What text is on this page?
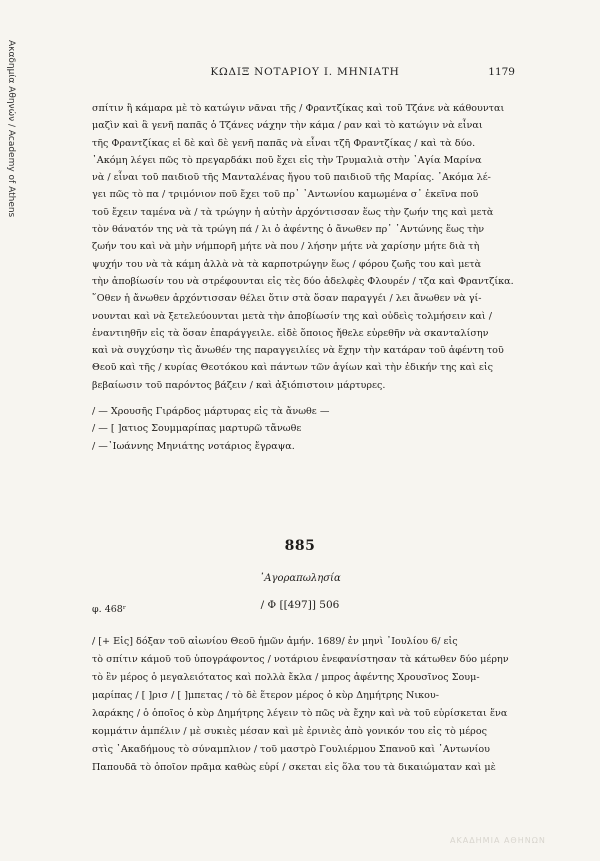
Ακαδημία Αθηνών / Academy of Athens	ΚΩΔΙΞ ΝΟΤΑΡΙΟΥ Ι. ΜΗΝΙΑΤΗ	1179
σπίτιν ἢ κάμαρα μὲ τὸ κατώγιν νᾶναι τῆς / Φραντζίκας καὶ τοῦ Τζάνε νὰ κάθουνται
μαζὶν καὶ ἃ γενῆ παπᾶς ὁ Τζάνες νάχην τὴν κάμα / ραν καὶ τὸ κατώγιν νὰ εἶναι
τῆς Φραντζίκας εἰ δὲ καὶ δὲ γενῆ παπᾶς νὰ εἶναι τζῆ Φραντζίκας / καὶ τὰ δύο.
᾽Ακόμη λέγει πῶς τὸ πρεγαρδάκι ποῦ ἔχει εἰς τὴν Τρυμαλιὰ στὴν ᾽Αγία Μαρίνα
νὰ / εἶναι τοῦ παιδιοῦ τῆς Μανταλένας ἤγου τοῦ παιδιοῦ τῆς Μαρίας. ᾽Ακόμα λέ-
γει πῶς τὸ πα / τριμόνιον ποῦ ἔχει τοῦ πρ᾽ ᾽Αντωνίου καμωμένα σ᾽ ἐκεῖνα ποῦ
τοῦ ἔχειν ταμένα νὰ / τὰ τρώγην ἡ αὐτὴν ἀρχόντισσαν ἕως τὴν ζωήν της καὶ μετὰ
τὸν θάνατόν της νὰ τὰ τρώγη πά / λι ὁ ἀφέντης ὁ ἄνωθεν πρ᾽ ᾽Αντώνης ἕως τὴν
ζωήν του καὶ νὰ μὴν νήμπορῆ μήτε νὰ που / λήσην μήτε νὰ χαρίσην μήτε διὰ τὴ
ψυχήν του νὰ τὰ κάμη ἀλλὰ νὰ τὰ καρποτρώγην ἕως / φόρου ζωῆς του καὶ μετὰ
τὴν ἀποβίωσίν του νὰ στρέφουνται εἰς τὲς δύο ἀδελφὲς Φλουρέν / τζα καὶ Φραντζίκα.
῞Οθεν ἡ ἄνωθεν ἀρχόντισσαν θέλει ὅτιν στὰ ὅσαν παραγγέι / λει ἄνωθεν νὰ γί-
νουνται καὶ νὰ ξετελεύουνται μετὰ τὴν ἀποβίωσίν της καὶ οὐδεὶς τολμήσειν καὶ /
ἐναντιηθῆν εἰς τὰ ὅσαν ἐπαράγγειλε. εἰδὲ ὅποιος ἤθελε εὑρεθῆν νὰ σκανταλίσην
καὶ νὰ συγχύσην τὶς ἄνωθέν της παραγγειλίες νὰ ἔχην τὴν κατάραν τοῦ ἀφέντη τοῦ
Θεοῦ καὶ τῆς / κυρίας Θεοτόκου καὶ πάντων τῶν ἁγίων καὶ τὴν ἐδικήν της καὶ εἰς
βεβαίωσιν τοῦ παρόντος βάζειν / καὶ ἀξιόπιστοιν μάρτυρες.
/ — Χρουσῆς Γιράρδος μάρτυρας εἰς τὰ ἄνωθε —
/ — [ ]ατιος Σουμμαρίπας μαρτυρῶ τἄνωθε
/ —᾽Ιωάννης Μηνιάτης νοτάριος ἔγραψα.
885
᾽Αγοραπωλησία
φ. 468ʳ	/ Φ [[497]] 506
/ [+ Εἰς] δόξαν τοῦ αἰωνίου Θεοῦ ἡμῶν ἀμήν. 1689/ ἐν μηνὶ ᾽Ιουλίου 6/ εἰς
τὸ σπίτιν κάμοῦ τοῦ ὑπογράφοντος / νοτάριου ἐνεφανίστησαν τὰ κάτωθεν δύο μέρην
τὸ ἓν μέρος ὁ μεγαλειότατος καὶ πολλὰ ἔκλα / μπρος ἀφέντης Χρουσῖνος Σουμ-
μαρίπας / [ ]ρισ / [ ]μπετας / τὸ δὲ ἕτερον μέρος ὁ κὺρ Δημήτρης Νικου-
λαράκης / ὁ ὁποῖος ὁ κὺρ Δημήτρης λέγειν τὸ πῶς νὰ ἔχην καὶ νὰ τοῦ εὑρίσκεται ἕνα
κομμάτιν ἀμπέλιν / μὲ συκιὲς μέσαν καὶ μὲ ἐρινιὲς ἀπὸ γονικόν του εἰς τὸ μέρος
στὶς ᾽Ακαδήμους τὸ σύναμπλιον / τοῦ μαστρὸ Γουλιέρμου Σπανοῦ καὶ ᾽Αντωνίου
Παπουδᾶ τὸ ὁποῖον πρᾶμα καθὼς εὑρί / σκεται εἰς ὅλα του τὰ δικαιώματαν καὶ μὲ
ΑΚΑΔΗΜΙΑ ΑΘΗΝΩΝ
